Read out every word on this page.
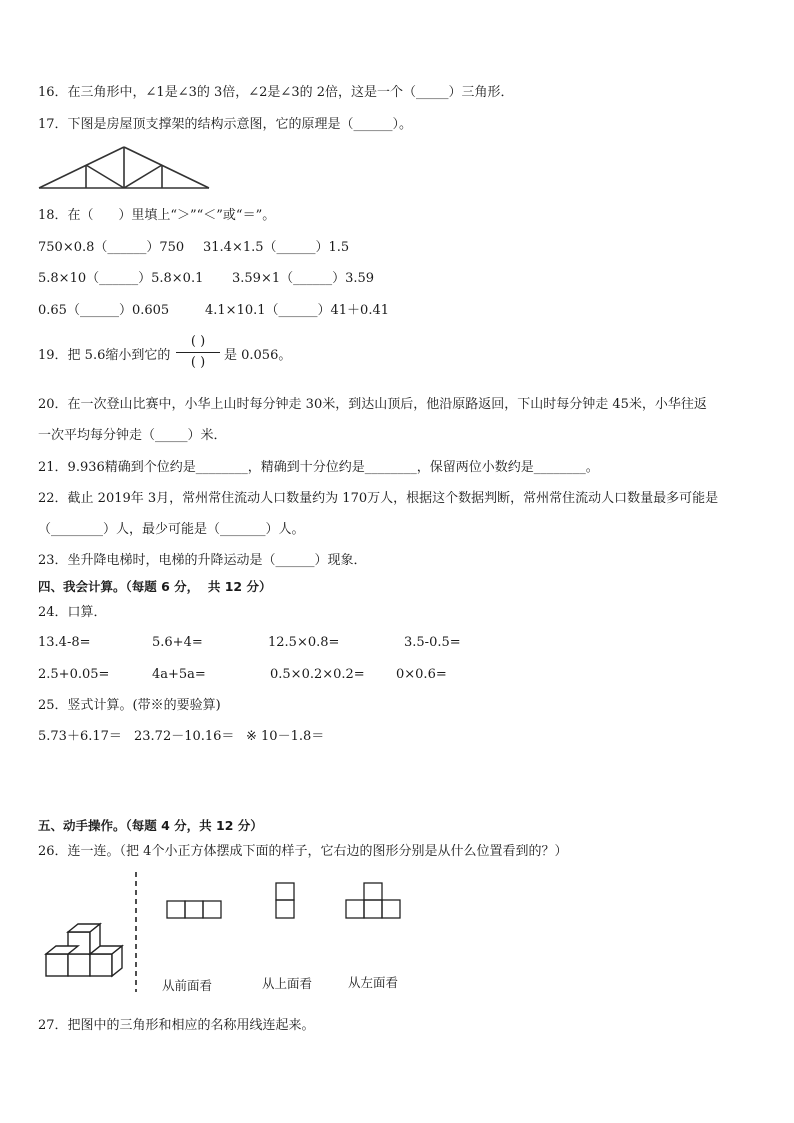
16．在三角形中，∠1是∠3的 3倍，∠2是∠3的 2倍，这是一个（_____）三角形．
17．下图是房屋顶支撑架的结构示意图，它的原理是（______）。
18．在（      ）里填上“＞”“＜”或“＝”。
750×0.8（______）750 31.4×1.5（______）1.5
5.8×10（______）5.8×0.1 3.59×1（______）3.59
0.65（______）0.605	4.1×10.1（______）41＋0.41
19．把 5.6缩小到它的
( )
( )	是 0.056。
20．在一次登山比赛中，小华上山时每分钟走 30米，到达山顶后，他沿原路返回，下山时每分钟走 45米，小华往返
一次平均每分钟走（_____）米．
21．9.936精确到个位约是________，精确到十分位约是________，保留两位小数约是________。
22．截止 2019年 3月，常州常住流动人口数量约为 170万人，根据这个数据判断，常州常住流动人口数量最多可能是
（________）人，最少可能是（_______）人。
23．坐升降电梯时，电梯的升降运动是（______）现象．
四、我会计算。（每题 6 分，  共 12 分）
24．口算．
13.4-8=	5.6+4=	12.5×0.8=	3.5-0.5=
2.5+0.05=	4a+5a=	0.5×0.2×0.2= 0×0.6=
25．竖式计算。(带※的要验算)
5.73＋6.17＝ 23.72－10.16＝ ※ 10－1.8＝
五、动手操作。（每题 4 分，共 12 分）
26．连一连。（把 4个小正方体摆成下面的样子，它右边的图形分别是从什么位置看到的？）
从前面看	从上面看	从左面看
27．把图中的三角形和相应的名称用线连起来。
